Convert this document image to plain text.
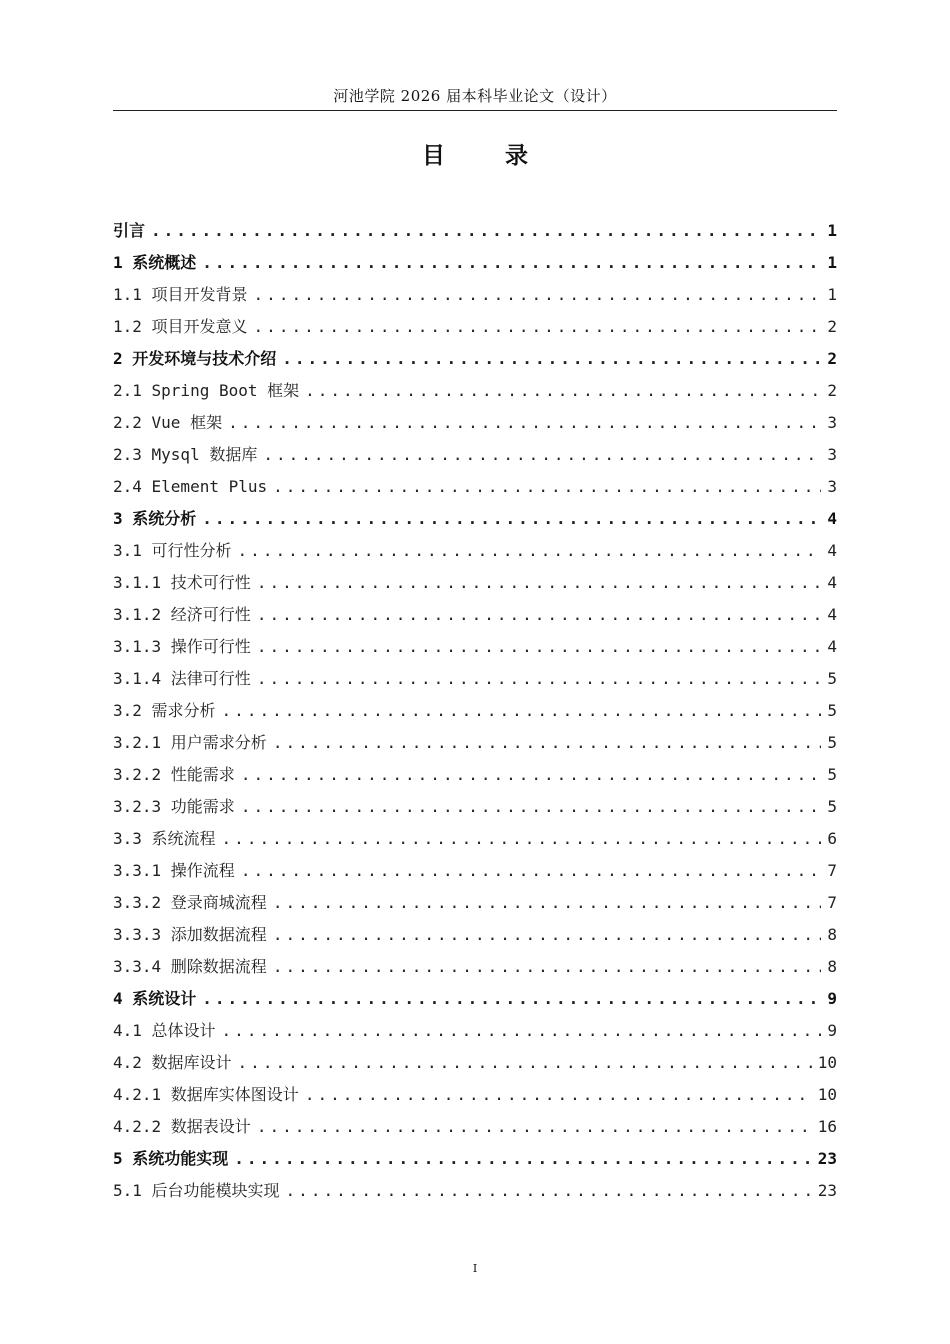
河池学院 2026 届本科毕业论文（设计）
目 录
引言 .....	1
1 系统概述 .....	1
1.1 项目开发背景 .....	1
1.2 项目开发意义 .....	2
2 开发环境与技术介绍 .....	2
2.1 Spring Boot 框架 .....	2
2.2 Vue 框架 .....	3
2.3 Mysql 数据库 .....	3
2.4 Element Plus .....	3
3 系统分析 .....	4
3.1 可行性分析 .....	4
3.1.1 技术可行性 .....	4
3.1.2 经济可行性 .....	4
3.1.3 操作可行性 .....	4
3.1.4 法律可行性 .....	5
3.2 需求分析 .....	5
3.2.1 用户需求分析 .....	5
3.2.2 性能需求 .....	5
3.2.3 功能需求 .....	5
3.3 系统流程 .....	6
3.3.1 操作流程 .....	7
3.3.2 登录商城流程 .....	7
3.3.3 添加数据流程 .....	8
3.3.4 删除数据流程 .....	8
4 系统设计 .....	9
4.1 总体设计 .....	9
4.2 数据库设计 .....	10
4.2.1 数据库实体图设计 .....	10
4.2.2 数据表设计 .....	16
5 系统功能实现 .....	23
5.1 后台功能模块实现 .....	23
I
